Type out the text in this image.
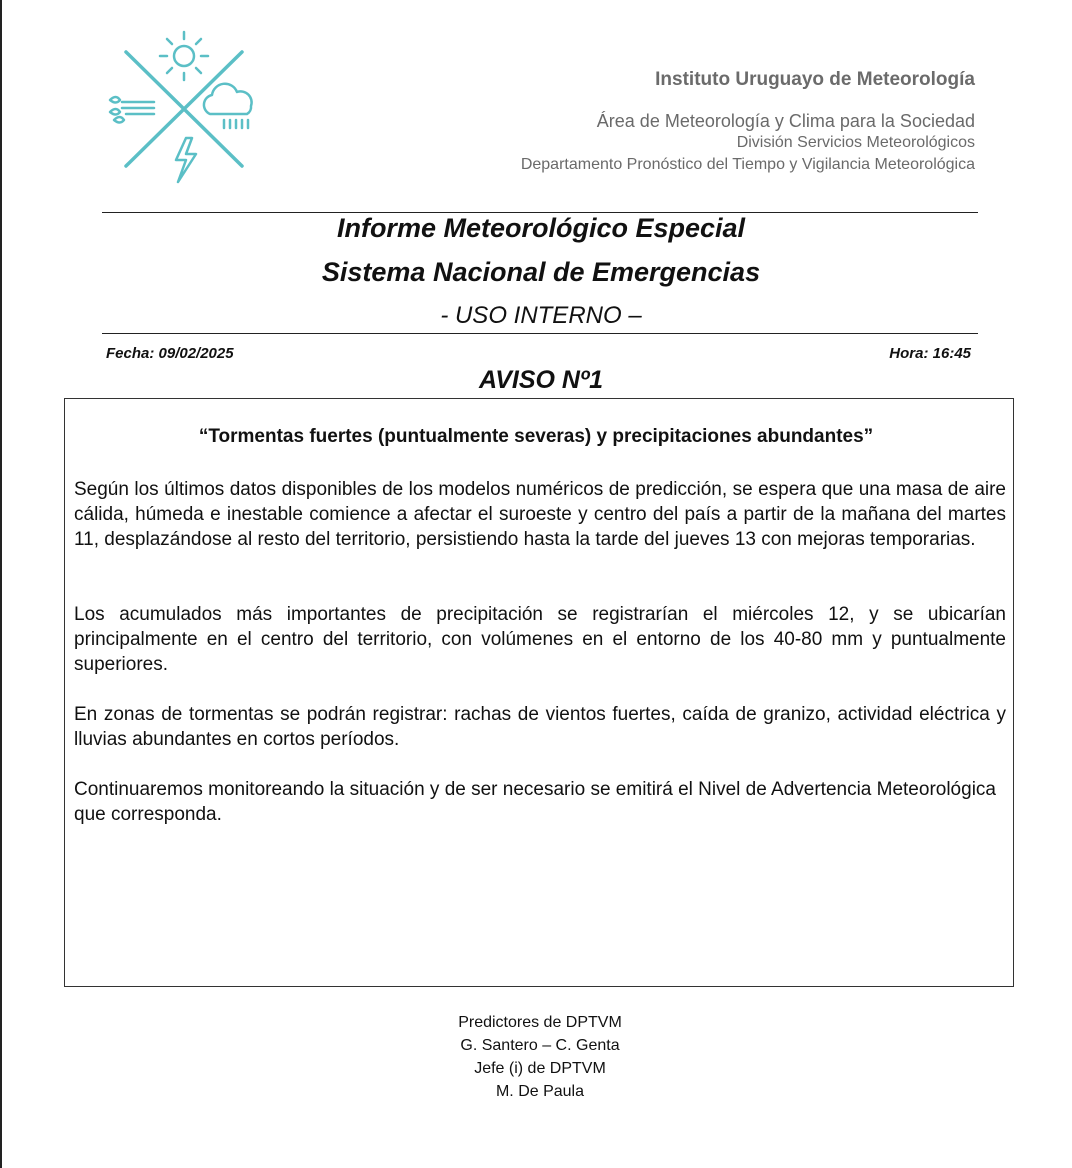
Instituto Uruguayo de Meteorología
Área de Meteorología y Clima para la Sociedad
División Servicios Meteorológicos
Departamento Pronóstico del Tiempo y Vigilancia Meteorológica
Informe Meteorológico Especial
Sistema Nacional de Emergencias
- USO INTERNO –
Fecha: 09/02/2025	Hora: 16:45
AVISO Nº1
“Tormentas fuertes (puntualmente severas) y precipitaciones abundantes”

Según los últimos datos disponibles de los modelos numéricos de predicción, se espera que una masa de aire cálida, húmeda e inestable comience a afectar el suroeste y centro del país a partir de la mañana del martes 11, desplazándose al resto del territorio, persistiendo hasta la tarde del jueves 13 con mejoras temporarias.

Los acumulados más importantes de precipitación se registrarían el miércoles 12, y se ubicarían principalmente en el centro del territorio, con volúmenes en el entorno de los 40-80 mm y puntualmente superiores.

En zonas de tormentas se podrán registrar: rachas de vientos fuertes, caída de granizo, actividad eléctrica y lluvias abundantes en cortos períodos.

Continuaremos monitoreando la situación y de ser necesario se emitirá el Nivel de Advertencia Meteorológica que corresponda.

Predictores de DPTVM
G. Santero – C. Genta
Jefe (i) de DPTVM
M. De Paula
